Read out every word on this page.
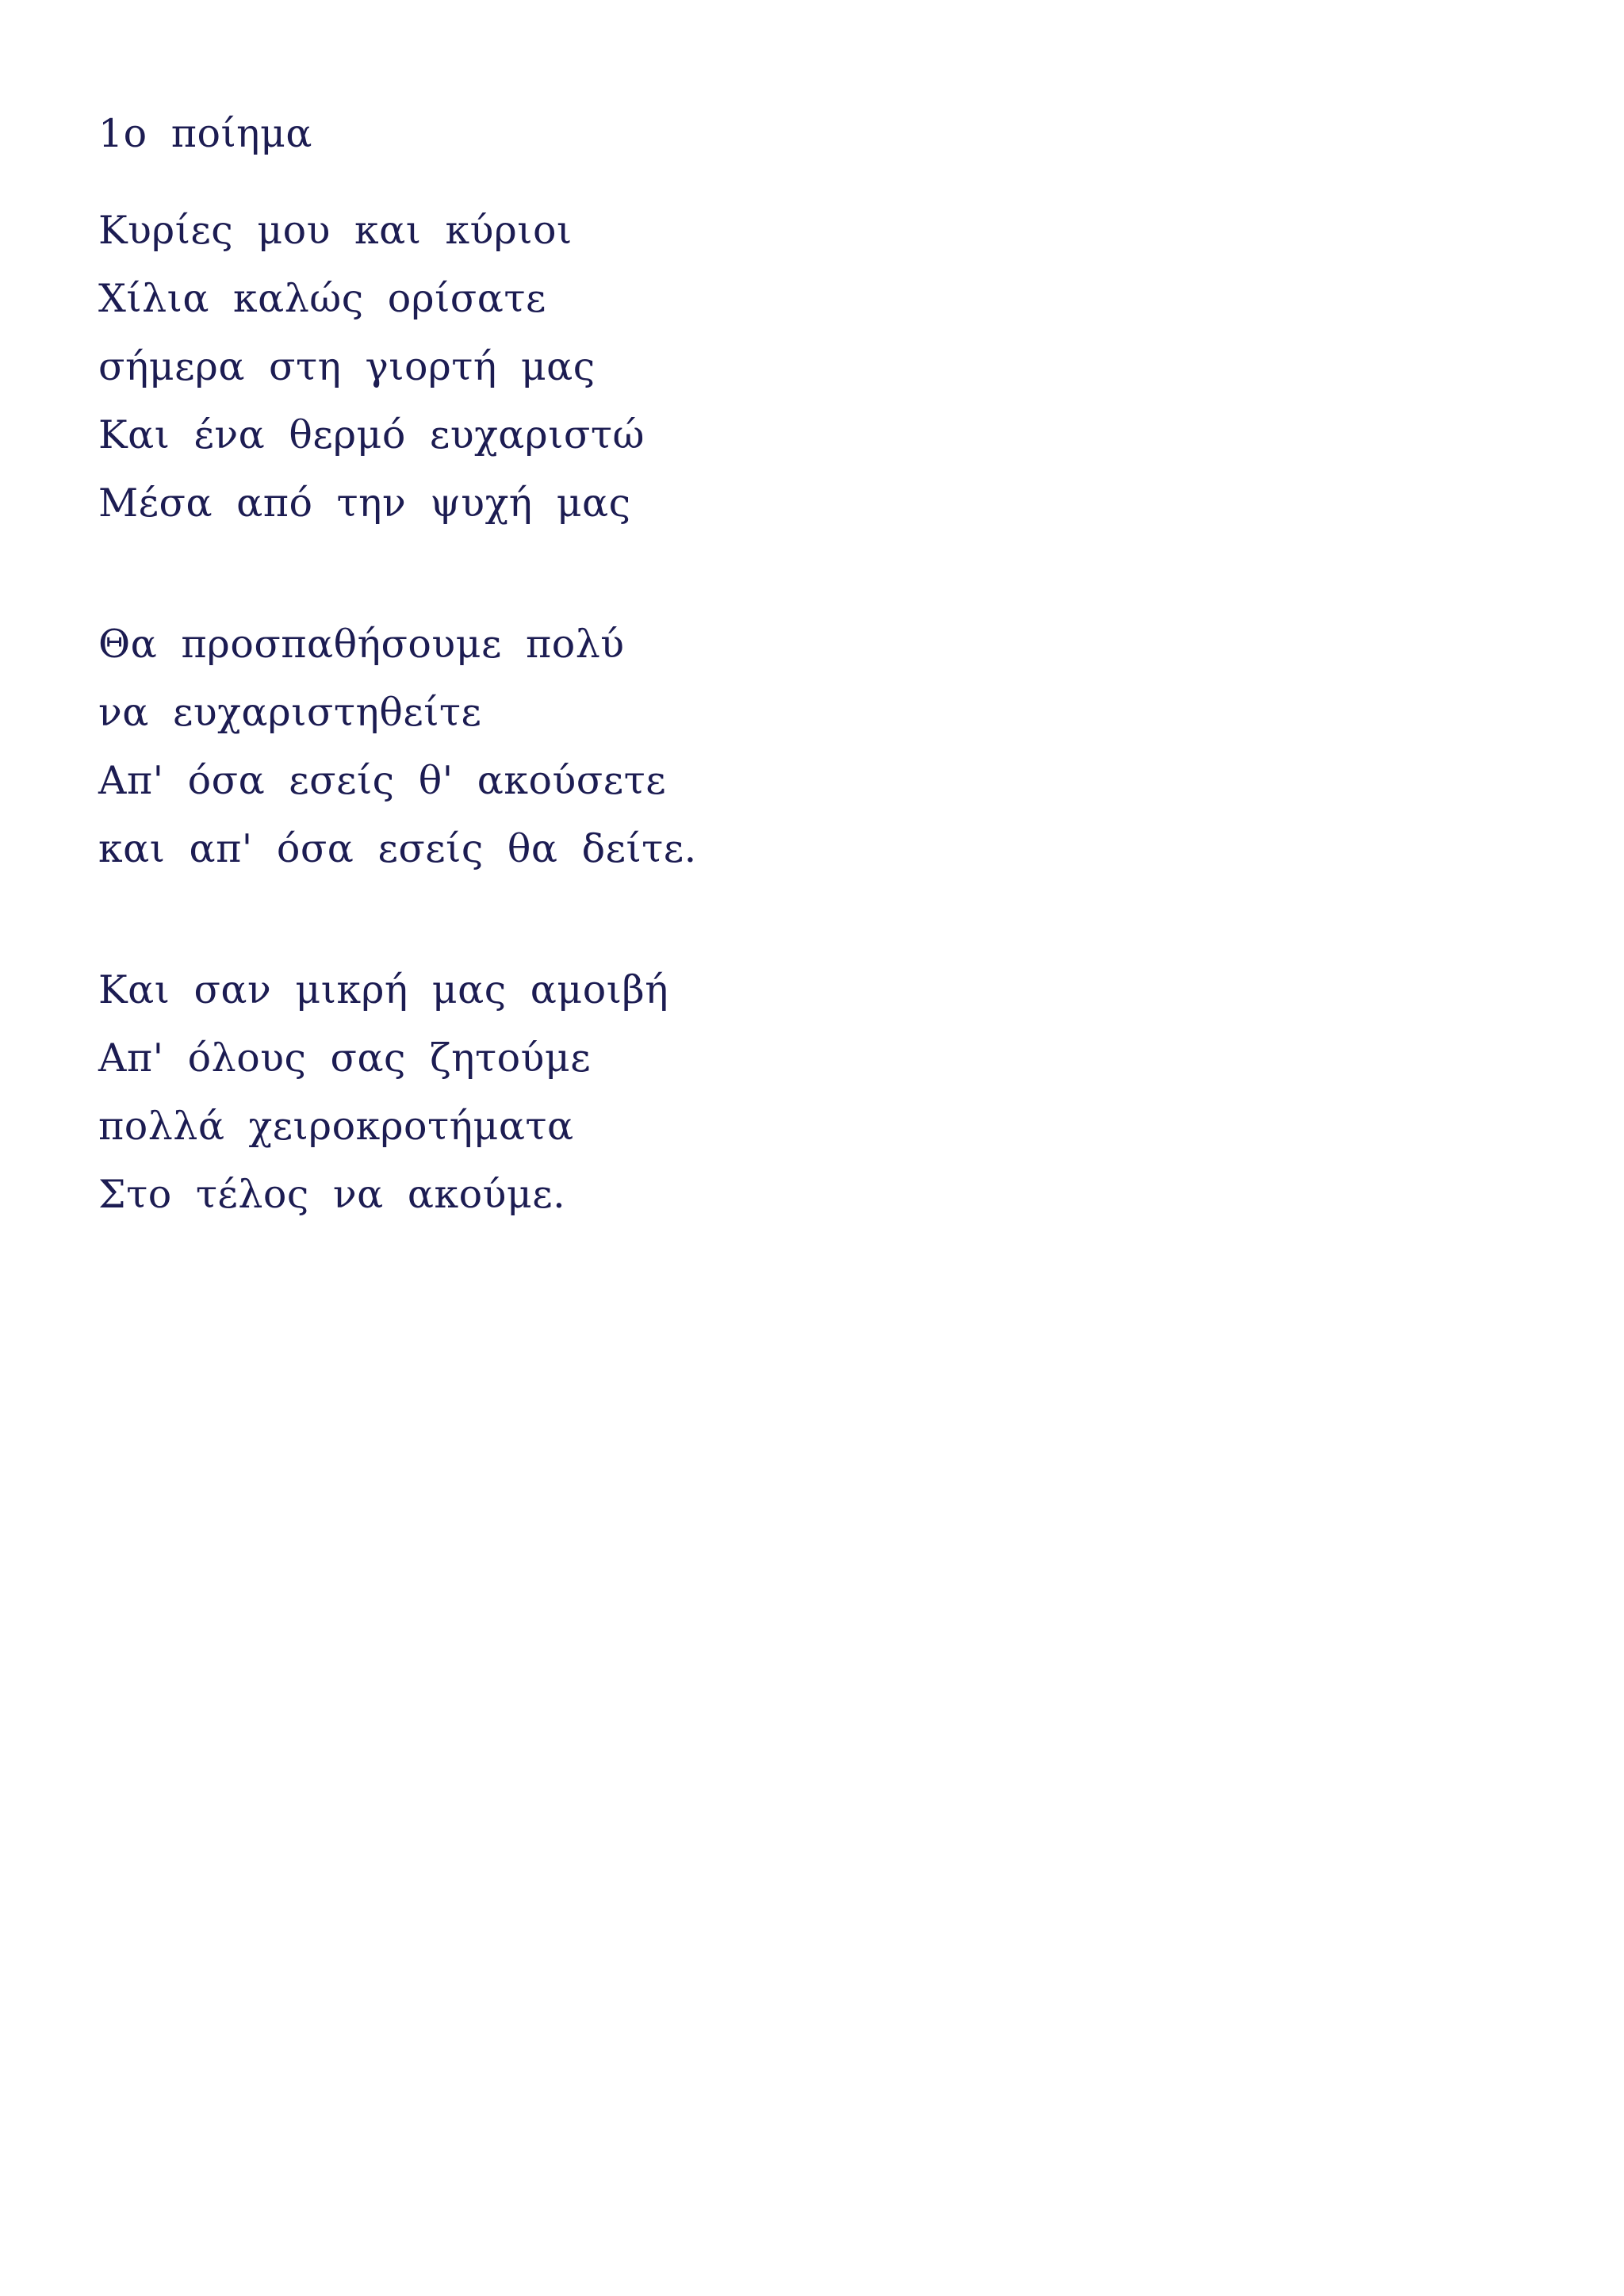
1ο ποίημα
Κυρίες μου και κύριοι
Χίλια καλώς ορίσατε
σήμερα στη γιορτή μας
Και ένα θερμό ευχαριστώ
Μέσα από την ψυχή μας
Θα προσπαθήσουμε πολύ
να ευχαριστηθείτε
Απ' όσα εσείς θ' ακούσετε
και απ' όσα εσείς θα δείτε.
Και σαν μικρή μας αμοιβή
Απ' όλους σας ζητούμε
πολλά χειροκροτήματα
Στο τέλος να ακούμε.
